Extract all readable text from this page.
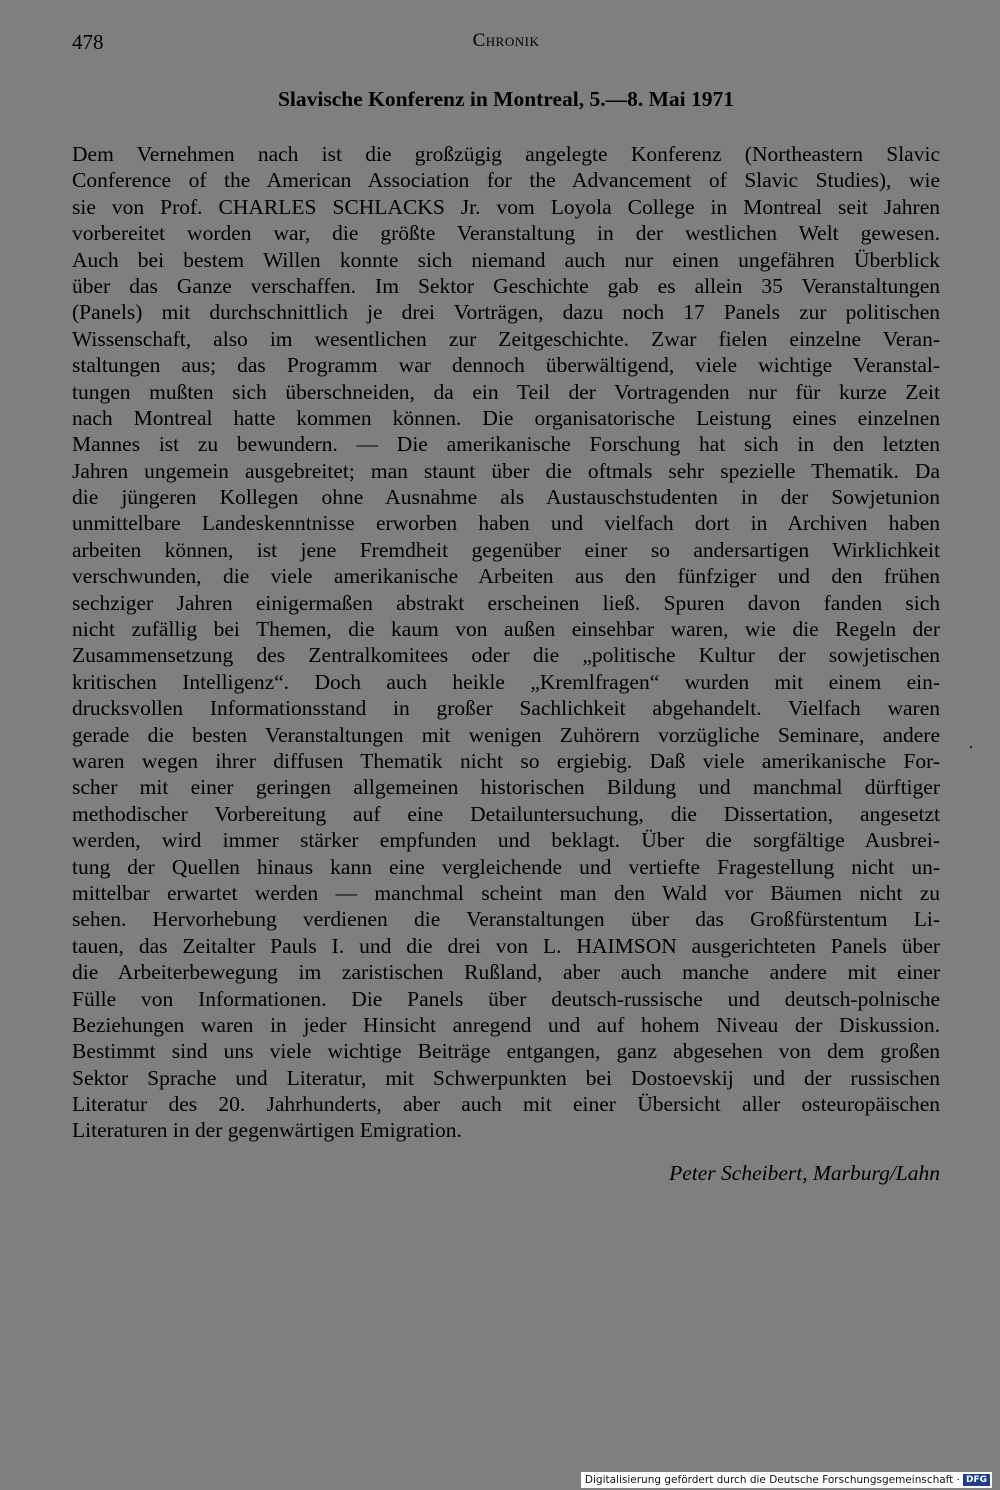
478	Chronik
Slavische Konferenz in Montreal, 5.—8. Mai 1971
Dem Vernehmen nach ist die großzügig angelegte Konferenz (Northeastern Slavic
Conference of the American Association for the Advancement of Slavic Studies), wie
sie von Prof. CHARLES SCHLACKS Jr. vom Loyola College in Montreal seit Jahren
vorbereitet worden war, die größte Veranstaltung in der westlichen Welt gewesen.
Auch bei bestem Willen konnte sich niemand auch nur einen ungefähren Überblick
über das Ganze verschaffen. Im Sektor Geschichte gab es allein 35 Veranstaltungen
(Panels) mit durchschnittlich je drei Vorträgen, dazu noch 17 Panels zur politischen
Wissenschaft, also im wesentlichen zur Zeitgeschichte. Zwar fielen einzelne Veran-
staltungen aus; das Programm war dennoch überwältigend, viele wichtige Veranstal-
tungen mußten sich überschneiden, da ein Teil der Vortragenden nur für kurze Zeit
nach Montreal hatte kommen können. Die organisatorische Leistung eines einzelnen
Mannes ist zu bewundern. — Die amerikanische Forschung hat sich in den letzten
Jahren ungemein ausgebreitet; man staunt über die oftmals sehr spezielle Thematik. Da
die jüngeren Kollegen ohne Ausnahme als Austauschstudenten in der Sowjetunion
unmittelbare Landeskenntnisse erworben haben und vielfach dort in Archiven haben
arbeiten können, ist jene Fremdheit gegenüber einer so andersartigen Wirklichkeit
verschwunden, die viele amerikanische Arbeiten aus den fünfziger und den frühen
sechziger Jahren einigermaßen abstrakt erscheinen ließ. Spuren davon fanden sich
nicht zufällig bei Themen, die kaum von außen einsehbar waren, wie die Regeln der
Zusammensetzung des Zentralkomitees oder die „politische Kultur der sowjetischen
kritischen Intelligenz“. Doch auch heikle „Kremlfragen“ wurden mit einem ein-
drucksvollen Informationsstand in großer Sachlichkeit abgehandelt. Vielfach waren
gerade die besten Veranstaltungen mit wenigen Zuhörern vorzügliche Seminare, andere
waren wegen ihrer diffusen Thematik nicht so ergiebig. Daß viele amerikanische For-
scher mit einer geringen allgemeinen historischen Bildung und manchmal dürftiger
methodischer Vorbereitung auf eine Detailuntersuchung, die Dissertation, angesetzt
werden, wird immer stärker empfunden und beklagt. Über die sorgfältige Ausbrei-
tung der Quellen hinaus kann eine vergleichende und vertiefte Fragestellung nicht un-
mittelbar erwartet werden — manchmal scheint man den Wald vor Bäumen nicht zu
sehen. Hervorhebung verdienen die Veranstaltungen über das Großfürstentum Li-
tauen, das Zeitalter Pauls I. und die drei von L. HAIMSON ausgerichteten Panels über
die Arbeiterbewegung im zaristischen Rußland, aber auch manche andere mit einer
Fülle von Informationen. Die Panels über deutsch-russische und deutsch-polnische
Beziehungen waren in jeder Hinsicht anregend und auf hohem Niveau der Diskussion.
Bestimmt sind uns viele wichtige Beiträge entgangen, ganz abgesehen von dem großen
Sektor Sprache und Literatur, mit Schwerpunkten bei Dostoevskij und der russischen
Literatur des 20. Jahrhunderts, aber auch mit einer Übersicht aller osteuropäischen
Literaturen in der gegenwärtigen Emigration.
Peter Scheibert, Marburg/Lahn
Digitalisierung gefördert durch die Deutsche Forschungsgemeinschaft · DFG
